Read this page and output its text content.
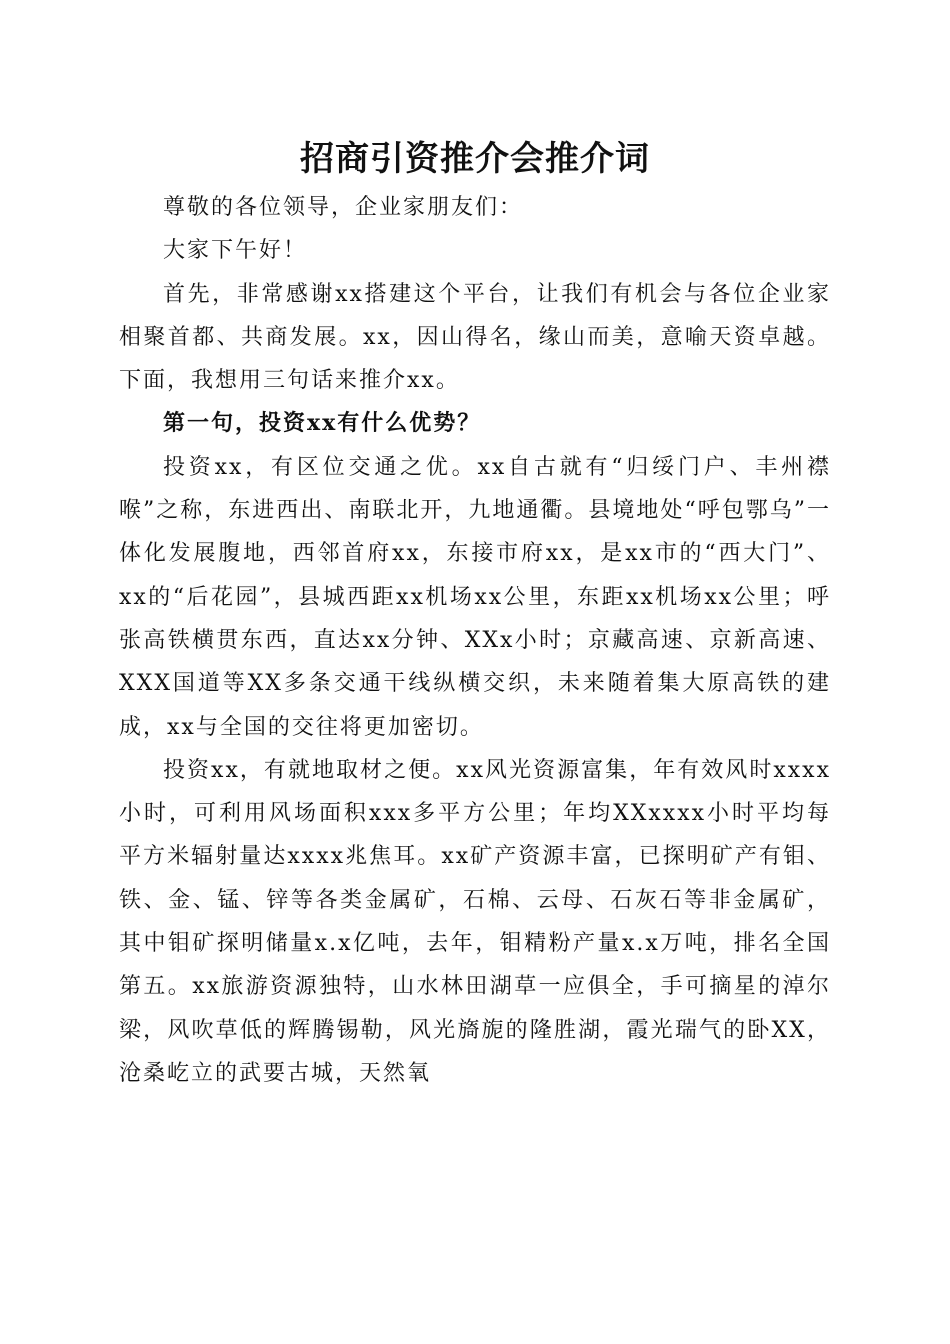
招商引资推介会推介词

尊敬的各位领导，企业家朋友们：

大家下午好！

首先，非常感谢xx搭建这个平台，让我们有机会与各位企业家相聚首都、共商发展。xx，因山得名，缘山而美，意喻天资卓越。下面，我想用三句话来推介xx。

第一句，投资xx有什么优势？

投资xx，有区位交通之优。xx自古就有“归绥门户、丰州襟喉”之称，东进西出、南联北开，九地通衢。县境地处“呼包鄂乌”一体化发展腹地，西邻首府xx，东接市府xx，是xx市的“西大门”、xx的“后花园”，县城西距xx机场xx公里，东距xx机场xx公里；呼张高铁横贯东西，直达xx分钟、XXx小时；京藏高速、京新高速、XXX国道等XX多条交通干线纵横交织，未来随着集大原高铁的建成，xx与全国的交往将更加密切。

投资xx，有就地取材之便。xx风光资源富集，年有效风时xxxx小时，可利用风场面积xxx多平方公里；年均XXxxxx小时平均每平方米辐射量达xxxx兆焦耳。xx矿产资源丰富，已探明矿产有钼、铁、金、锰、锌等各类金属矿，石棉、云母、石灰石等非金属矿，其中钼矿探明储量x.x亿吨，去年，钼精粉产量x.x万吨，排名全国第五。xx旅游资源独特，山水林田湖草一应俱全，手可摘星的淖尔梁，风吹草低的辉腾锡勒，风光旖旎的隆胜湖，霞光瑞气的卧XX，沧桑屹立的武要古城，天然氧
